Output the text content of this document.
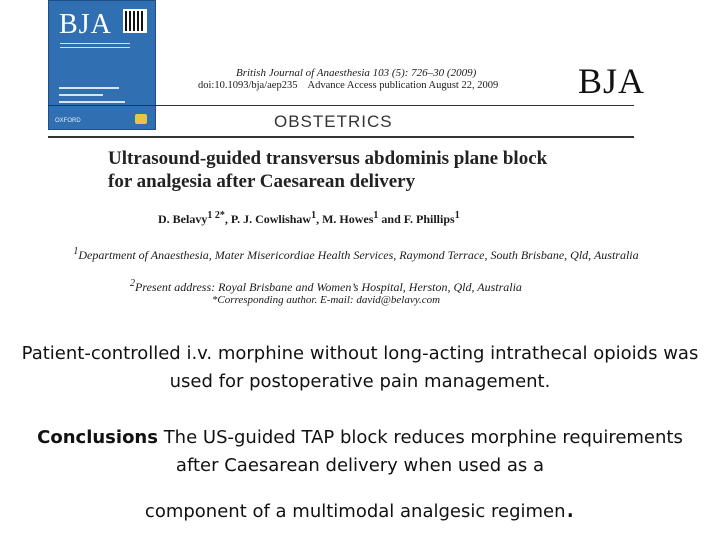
BJA
OXFORD
British Journal of Anaesthesia 103 (5): 726–30 (2009)
doi:10.1093/bja/aep235 Advance Access publication August 22, 2009 BJA
OBSTETRICS
Ultrasound-guided transversus abdominis plane block
for analgesia after Caesarean delivery
D. Belavy$^{1 2*}$, P. J. Cowlishaw$^1$, M. Howes$^1$ and F. Phillips$^1$
$^1$Department of Anaesthesia, Mater Misericordiae Health Services, Raymond Terrace, South Brisbane, Qld, Australia
$^2$Present address: Royal Brisbane and Women’s Hospital, Herston, Qld, Australia
*Corresponding author. E-mail: david@belavy.com
Patient-controlled i.v. morphine without long-acting intrathecal opioids was used for postoperative pain management.
Conclusions The US-guided TAP block reduces morphine requirements after Caesarean delivery when used as a
component of a multimodal analgesic regimen.
